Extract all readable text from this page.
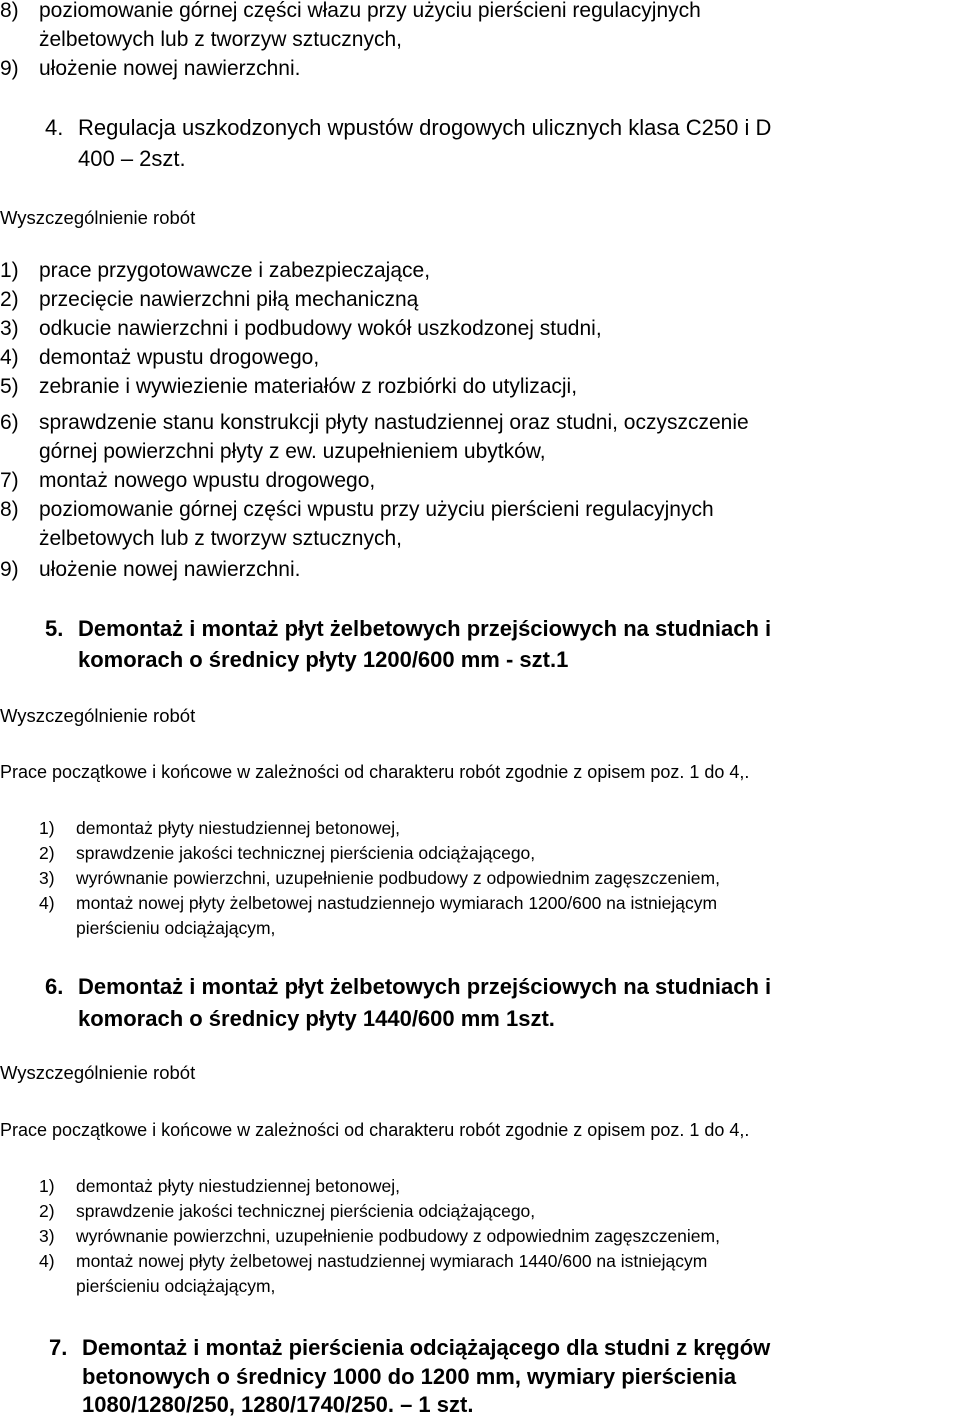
8) poziomowanie górnej części włazu przy użyciu pierścieni regulacyjnych
żelbetowych lub z tworzyw sztucznych,
9) ułożenie nowej nawierzchni.
4. Regulacja uszkodzonych wpustów drogowych ulicznych klasa C250 i D
400 – 2szt.
Wyszczególnienie robót
1) prace przygotowawcze i zabezpieczające,
2) przecięcie nawierzchni piłą mechaniczną
3) odkucie nawierzchni i podbudowy wokół uszkodzonej studni,
4) demontaż wpustu drogowego,
5) zebranie i wywiezienie materiałów z rozbiórki do utylizacji,
6) sprawdzenie stanu konstrukcji płyty nastudziennej oraz studni, oczyszczenie
górnej powierzchni płyty z ew. uzupełnieniem ubytków,
7) montaż nowego wpustu drogowego,
8) poziomowanie górnej części wpustu przy użyciu pierścieni regulacyjnych
żelbetowych lub z tworzyw sztucznych,
9) ułożenie nowej nawierzchni.
5. Demontaż i montaż płyt żelbetowych przejściowych na studniach i
komorach o średnicy płyty 1200/600 mm - szt.1
Wyszczególnienie robót
Prace początkowe i końcowe w zależności od charakteru robót zgodnie z opisem poz. 1 do 4,.
1) demontaż płyty niestudziennej betonowej,
2) sprawdzenie jakości technicznej pierścienia odciążającego,
3) wyrównanie powierzchni, uzupełnienie podbudowy z odpowiednim zagęszczeniem,
4) montaż nowej płyty żelbetowej nastudziennejo wymiarach 1200/600 na istniejącym
pierścieniu odciążającym,
6. Demontaż i montaż płyt żelbetowych przejściowych na studniach i
komorach o średnicy płyty 1440/600 mm 1szt.
Wyszczególnienie robót
Prace początkowe i końcowe w zależności od charakteru robót zgodnie z opisem poz. 1 do 4,.
1) demontaż płyty niestudziennej betonowej,
2) sprawdzenie jakości technicznej pierścienia odciążającego,
3) wyrównanie powierzchni, uzupełnienie podbudowy z odpowiednim zagęszczeniem,
4) montaż nowej płyty żelbetowej nastudziennej wymiarach 1440/600 na istniejącym
pierścieniu odciążającym,
7. Demontaż i montaż pierścienia odciążającego dla studni z kręgów
betonowych o średnicy 1000 do 1200 mm, wymiary pierścienia
1080/1280/250, 1280/1740/250. – 1 szt.
